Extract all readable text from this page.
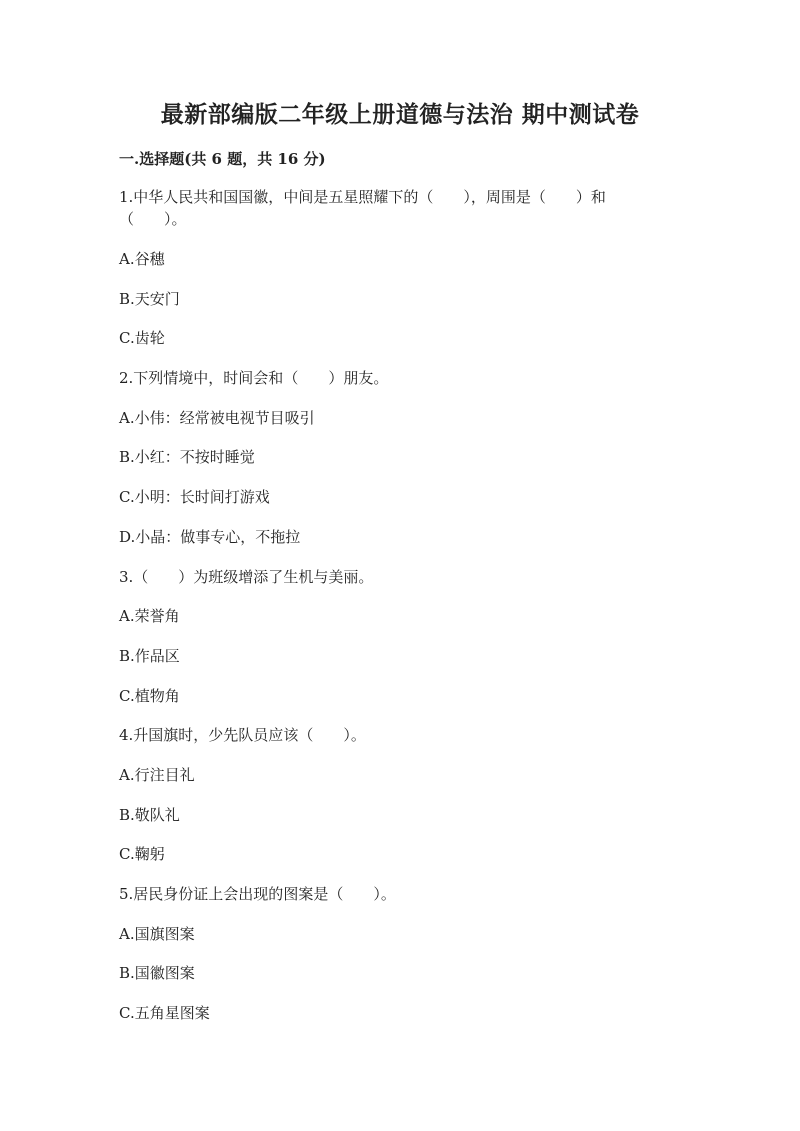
最新部编版二年级上册道德与法治 期中测试卷
一.选择题(共 6 题，共 16 分)
1.中华人民共和国国徽，中间是五星照耀下的（　　），周围是（　　）和
（　　）。
A.谷穗
B.天安门
C.齿轮
2.下列情境中，时间会和（　　）朋友。
A.小伟：经常被电视节目吸引
B.小红：不按时睡觉
C.小明：长时间打游戏
D.小晶：做事专心，不拖拉
3.（　　）为班级增添了生机与美丽。
A.荣誉角
B.作品区
C.植物角
4.升国旗时，少先队员应该（　　）。
A.行注目礼
B.敬队礼
C.鞠躬
5.居民身份证上会出现的图案是（　　）。
A.国旗图案
B.国徽图案
C.五角星图案
